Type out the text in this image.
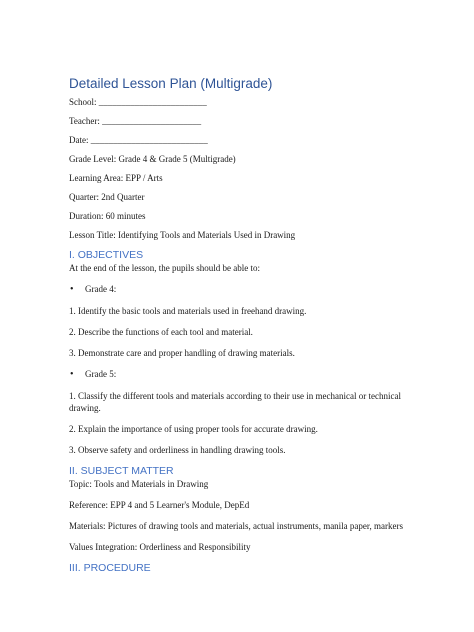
Detailed Lesson Plan (Multigrade)

School: ________________________

Teacher: ______________________

Date: __________________________

Grade Level: Grade 4 & Grade 5 (Multigrade)

Learning Area: EPP / Arts

Quarter: 2nd Quarter

Duration: 60 minutes

Lesson Title: Identifying Tools and Materials Used in Drawing

I. OBJECTIVES

At the end of the lesson, the pupils should be able to:

•	Grade 4:

1. Identify the basic tools and materials used in freehand drawing.

2. Describe the functions of each tool and material.

3. Demonstrate care and proper handling of drawing materials.

•	Grade 5:

1. Classify the different tools and materials according to their use in mechanical or technical drawing.

2. Explain the importance of using proper tools for accurate drawing.

3. Observe safety and orderliness in handling drawing tools.

II. SUBJECT MATTER

Topic: Tools and Materials in Drawing

Reference: EPP 4 and 5 Learner's Module, DepEd

Materials: Pictures of drawing tools and materials, actual instruments, manila paper, markers

Values Integration: Orderliness and Responsibility

III. PROCEDURE
